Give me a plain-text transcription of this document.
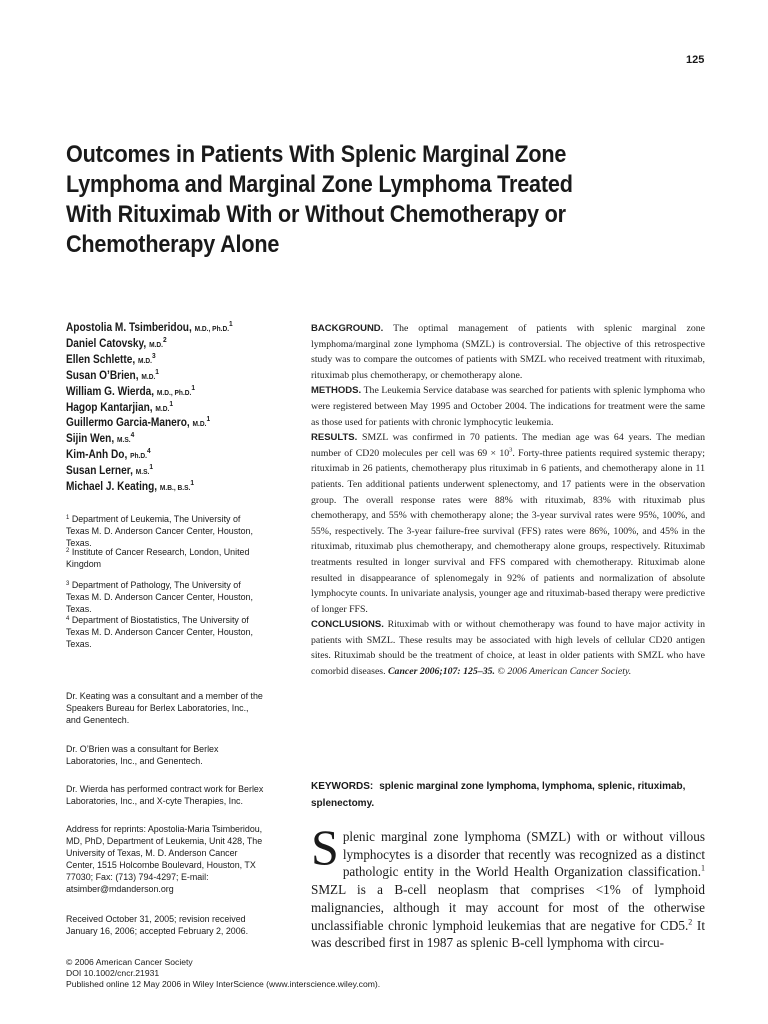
125
Outcomes in Patients With Splenic Marginal Zone
Lymphoma and Marginal Zone Lymphoma Treated
With Rituximab With or Without Chemotherapy or
Chemotherapy Alone
Apostolia M. Tsimberidou, M.D., Ph.D.$^1$
Daniel Catovsky, M.D.$^2$
Ellen Schlette, M.D.$^3$
Susan O’Brien, M.D.$^1$
William G. Wierda, M.D., Ph.D.$^1$
Hagop Kantarjian, M.D.$^1$
Guillermo Garcia-Manero, M.D.$^1$
Sijin Wen, M.S.$^4$
Kim-Anh Do, Ph.D.$^4$
Susan Lerner, M.S.$^1$
Michael J. Keating, M.B., B.S.$^1$
$^1$ Department of Leukemia, The University of Texas M. D. Anderson Cancer Center, Houston, Texas.
$^2$ Institute of Cancer Research, London, United Kingdom
$^3$ Department of Pathology, The University of Texas M. D. Anderson Cancer Center, Houston, Texas.
$^4$ Department of Biostatistics, The University of Texas M. D. Anderson Cancer Center, Houston, Texas.
Dr. Keating was a consultant and a member of the Speakers Bureau for Berlex Laboratories, Inc., and Genentech.
Dr. O’Brien was a consultant for Berlex Laboratories, Inc., and Genentech.
Dr. Wierda has performed contract work for Berlex Laboratories, Inc., and X-cyte Therapies, Inc.
Address for reprints: Apostolia-Maria Tsimberidou, MD, PhD, Department of Leukemia, Unit 428, The University of Texas, M. D. Anderson Cancer Center, 1515 Holcombe Boulevard, Houston, TX 77030; Fax: (713) 794-4297; E-mail: atsimber@mdanderson.org
Received October 31, 2005; revision received January 16, 2006; accepted February 2, 2006.

BACKGROUND. The optimal management of patients with splenic marginal zone lymphoma/marginal zone lymphoma (SMZL) is controversial. The objective of this retrospective study was to compare the outcomes of patients with SMZL who received treatment with rituximab, rituximab plus chemotherapy, or chemotherapy alone.

METHODS. The Leukemia Service database was searched for patients with splenic lymphoma who were registered between May 1995 and October 2004. The indications for treatment were the same as those used for patients with chronic lymphocytic leukemia.

RESULTS. SMZL was confirmed in 70 patients. The median age was 64 years. The median number of CD20 molecules per cell was $69 \times 10^3$. Forty-three patients required systemic therapy; rituximab in 26 patients, chemotherapy plus rituximab in 6 patients, and chemotherapy alone in 11 patients. Ten additional patients underwent splenectomy, and 17 patients were in the observation group. The overall response rates were 88% with rituximab, 83% with rituximab plus chemotherapy, and 55% with chemotherapy alone; the 3-year survival rates were 95%, 100%, and 55%, respectively. The 3-year failure-free survival (FFS) rates were 86%, 100%, and 45% in the rituximab, rituximab plus chemotherapy, and chemotherapy alone groups, respectively. Rituximab treatments resulted in longer survival and FFS compared with chemotherapy. Rituximab alone resulted in disappearance of splenomegaly in 92% of patients and normalization of absolute lymphocyte counts. In univariate analysis, younger age and rituximab-based therapy were predictive of longer FFS.

CONCLUSIONS. Rituximab with or without chemotherapy was found to have major activity in patients with SMZL. These results may be associated with high levels of cellular CD20 antigen sites. Rituximab should be the treatment of choice, at least in older patients with SMZL who have comorbid diseases. Cancer 2006;107: 125–35. © 2006 American Cancer Society.

KEYWORDS: splenic marginal zone lymphoma, lymphoma, splenic, rituximab, splenectomy.
Splenic marginal zone lymphoma (SMZL) with or without villous lymphocytes is a disorder that recently was recognized as a distinct pathologic entity in the World Health Organization classification.$^1$ SMZL is a B-cell neoplasm that comprises <1% of lymphoid malignancies, although it may account for most of the otherwise unclassifiable chronic lymphoid leukemias that are negative for CD5.$^2$ It was described first in 1987 as splenic B-cell lymphoma with circu-
© 2006 American Cancer Society
DOI 10.1002/cncr.21931
Published online 12 May 2006 in Wiley InterScience (www.interscience.wiley.com).
